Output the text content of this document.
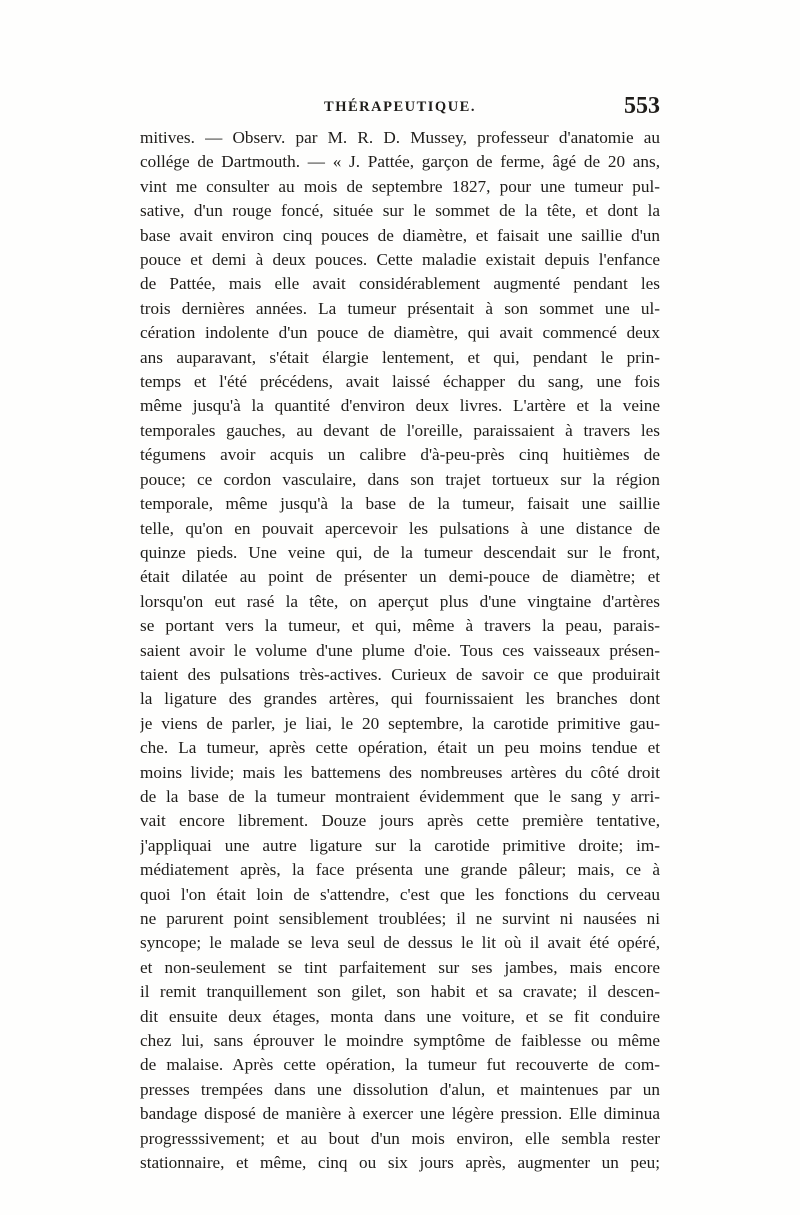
THÉRAPEUTIQUE.	553
mitives. — Observ. par M. R. D. Mussey, professeur d'anatomie au
collége de Dartmouth. — « J. Pattée, garçon de ferme, âgé de 20 ans,
vint me consulter au mois de septembre 1827, pour une tumeur pul-
sative, d'un rouge foncé, située sur le sommet de la tête, et dont la
base avait environ cinq pouces de diamètre, et faisait une saillie d'un
pouce et demi à deux pouces. Cette maladie existait depuis l'enfance
de Pattée, mais elle avait considérablement augmenté pendant les
trois dernières années. La tumeur présentait à son sommet une ul-
cération indolente d'un pouce de diamètre, qui avait commencé deux
ans auparavant, s'était élargie lentement, et qui, pendant le prin-
temps et l'été précédens, avait laissé échapper du sang, une fois
même jusqu'à la quantité d'environ deux livres. L'artère et la veine
temporales gauches, au devant de l'oreille, paraissaient à travers les
tégumens avoir acquis un calibre d'à-peu-près cinq huitièmes de
pouce; ce cordon vasculaire, dans son trajet tortueux sur la région
temporale, même jusqu'à la base de la tumeur, faisait une saillie
telle, qu'on en pouvait apercevoir les pulsations à une distance de
quinze pieds. Une veine qui, de la tumeur descendait sur le front,
était dilatée au point de présenter un demi-pouce de diamètre; et
lorsqu'on eut rasé la tête, on aperçut plus d'une vingtaine d'artères
se portant vers la tumeur, et qui, même à travers la peau, parais-
saient avoir le volume d'une plume d'oie. Tous ces vaisseaux présen-
taient des pulsations très-actives. Curieux de savoir ce que produirait
la ligature des grandes artères, qui fournissaient les branches dont
je viens de parler, je liai, le 20 septembre, la carotide primitive gau-
che. La tumeur, après cette opération, était un peu moins tendue et
moins livide; mais les battemens des nombreuses artères du côté droit
de la base de la tumeur montraient évidemment que le sang y arri-
vait encore librement. Douze jours après cette première tentative,
j'appliquai une autre ligature sur la carotide primitive droite; im-
médiatement après, la face présenta une grande pâleur; mais, ce à
quoi l'on était loin de s'attendre, c'est que les fonctions du cerveau
ne parurent point sensiblement troublées; il ne survint ni nausées ni
syncope; le malade se leva seul de dessus le lit où il avait été opéré,
et non-seulement se tint parfaitement sur ses jambes, mais encore
il remit tranquillement son gilet, son habit et sa cravate; il descen-
dit ensuite deux étages, monta dans une voiture, et se fit conduire
chez lui, sans éprouver le moindre symptôme de faiblesse ou même
de malaise. Après cette opération, la tumeur fut recouverte de com-
presses trempées dans une dissolution d'alun, et maintenues par un
bandage disposé de manière à exercer une légère pression. Elle diminua
progresssivement; et au bout d'un mois environ, elle sembla rester
stationnaire, et même, cinq ou six jours après, augmenter un peu;
